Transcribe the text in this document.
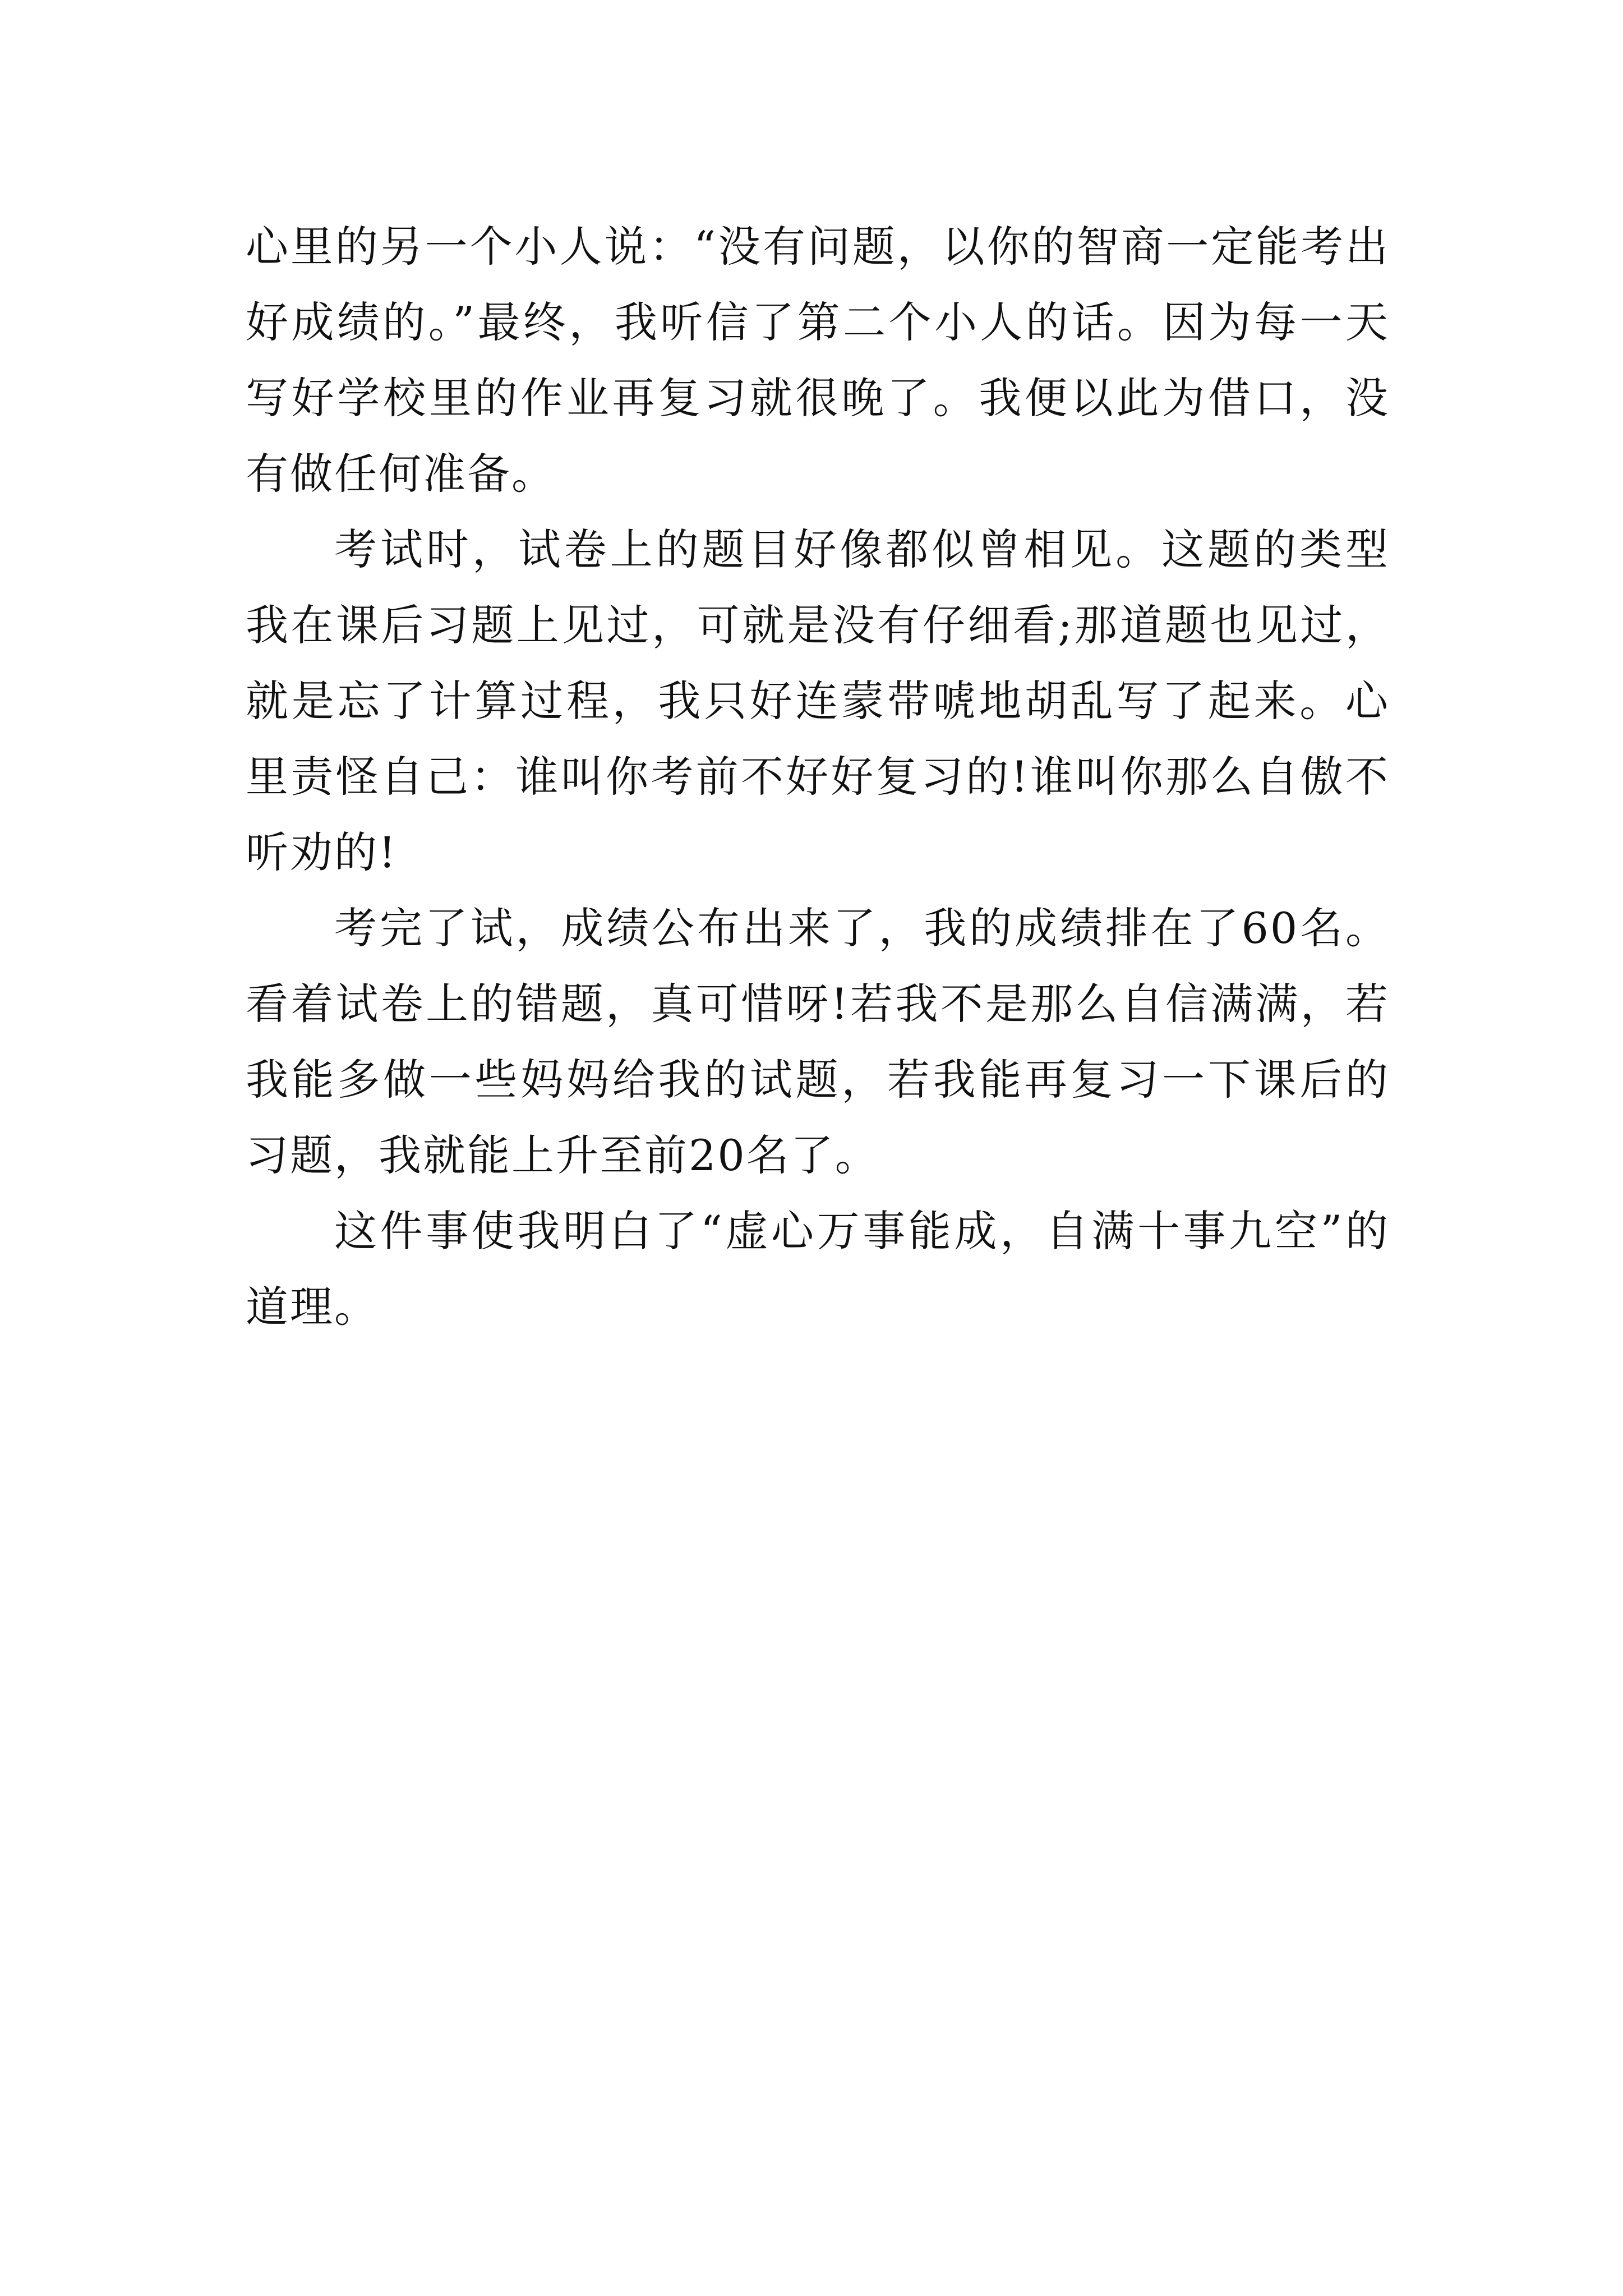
心里的另一个小人说：“没有问题，以你的智商一定能考出好成绩的。”最终，我听信了第二个小人的话。因为每一天写好学校里的作业再复习就很晚了。我便以此为借口，没有做任何准备。

考试时，试卷上的题目好像都似曾相见。这题的类型我在课后习题上见过，可就是没有仔细看;那道题也见过，就是忘了计算过程，我只好连蒙带唬地胡乱写了起来。心里责怪自己：谁叫你考前不好好复习的!谁叫你那么自傲不听劝的!

考完了试，成绩公布出来了，我的成绩排在了60名。看着试卷上的错题，真可惜呀!若我不是那么自信满满，若我能多做一些妈妈给我的试题，若我能再复习一下课后的习题，我就能上升至前20名了。

这件事使我明白了“虚心万事能成，自满十事九空”的道理。
